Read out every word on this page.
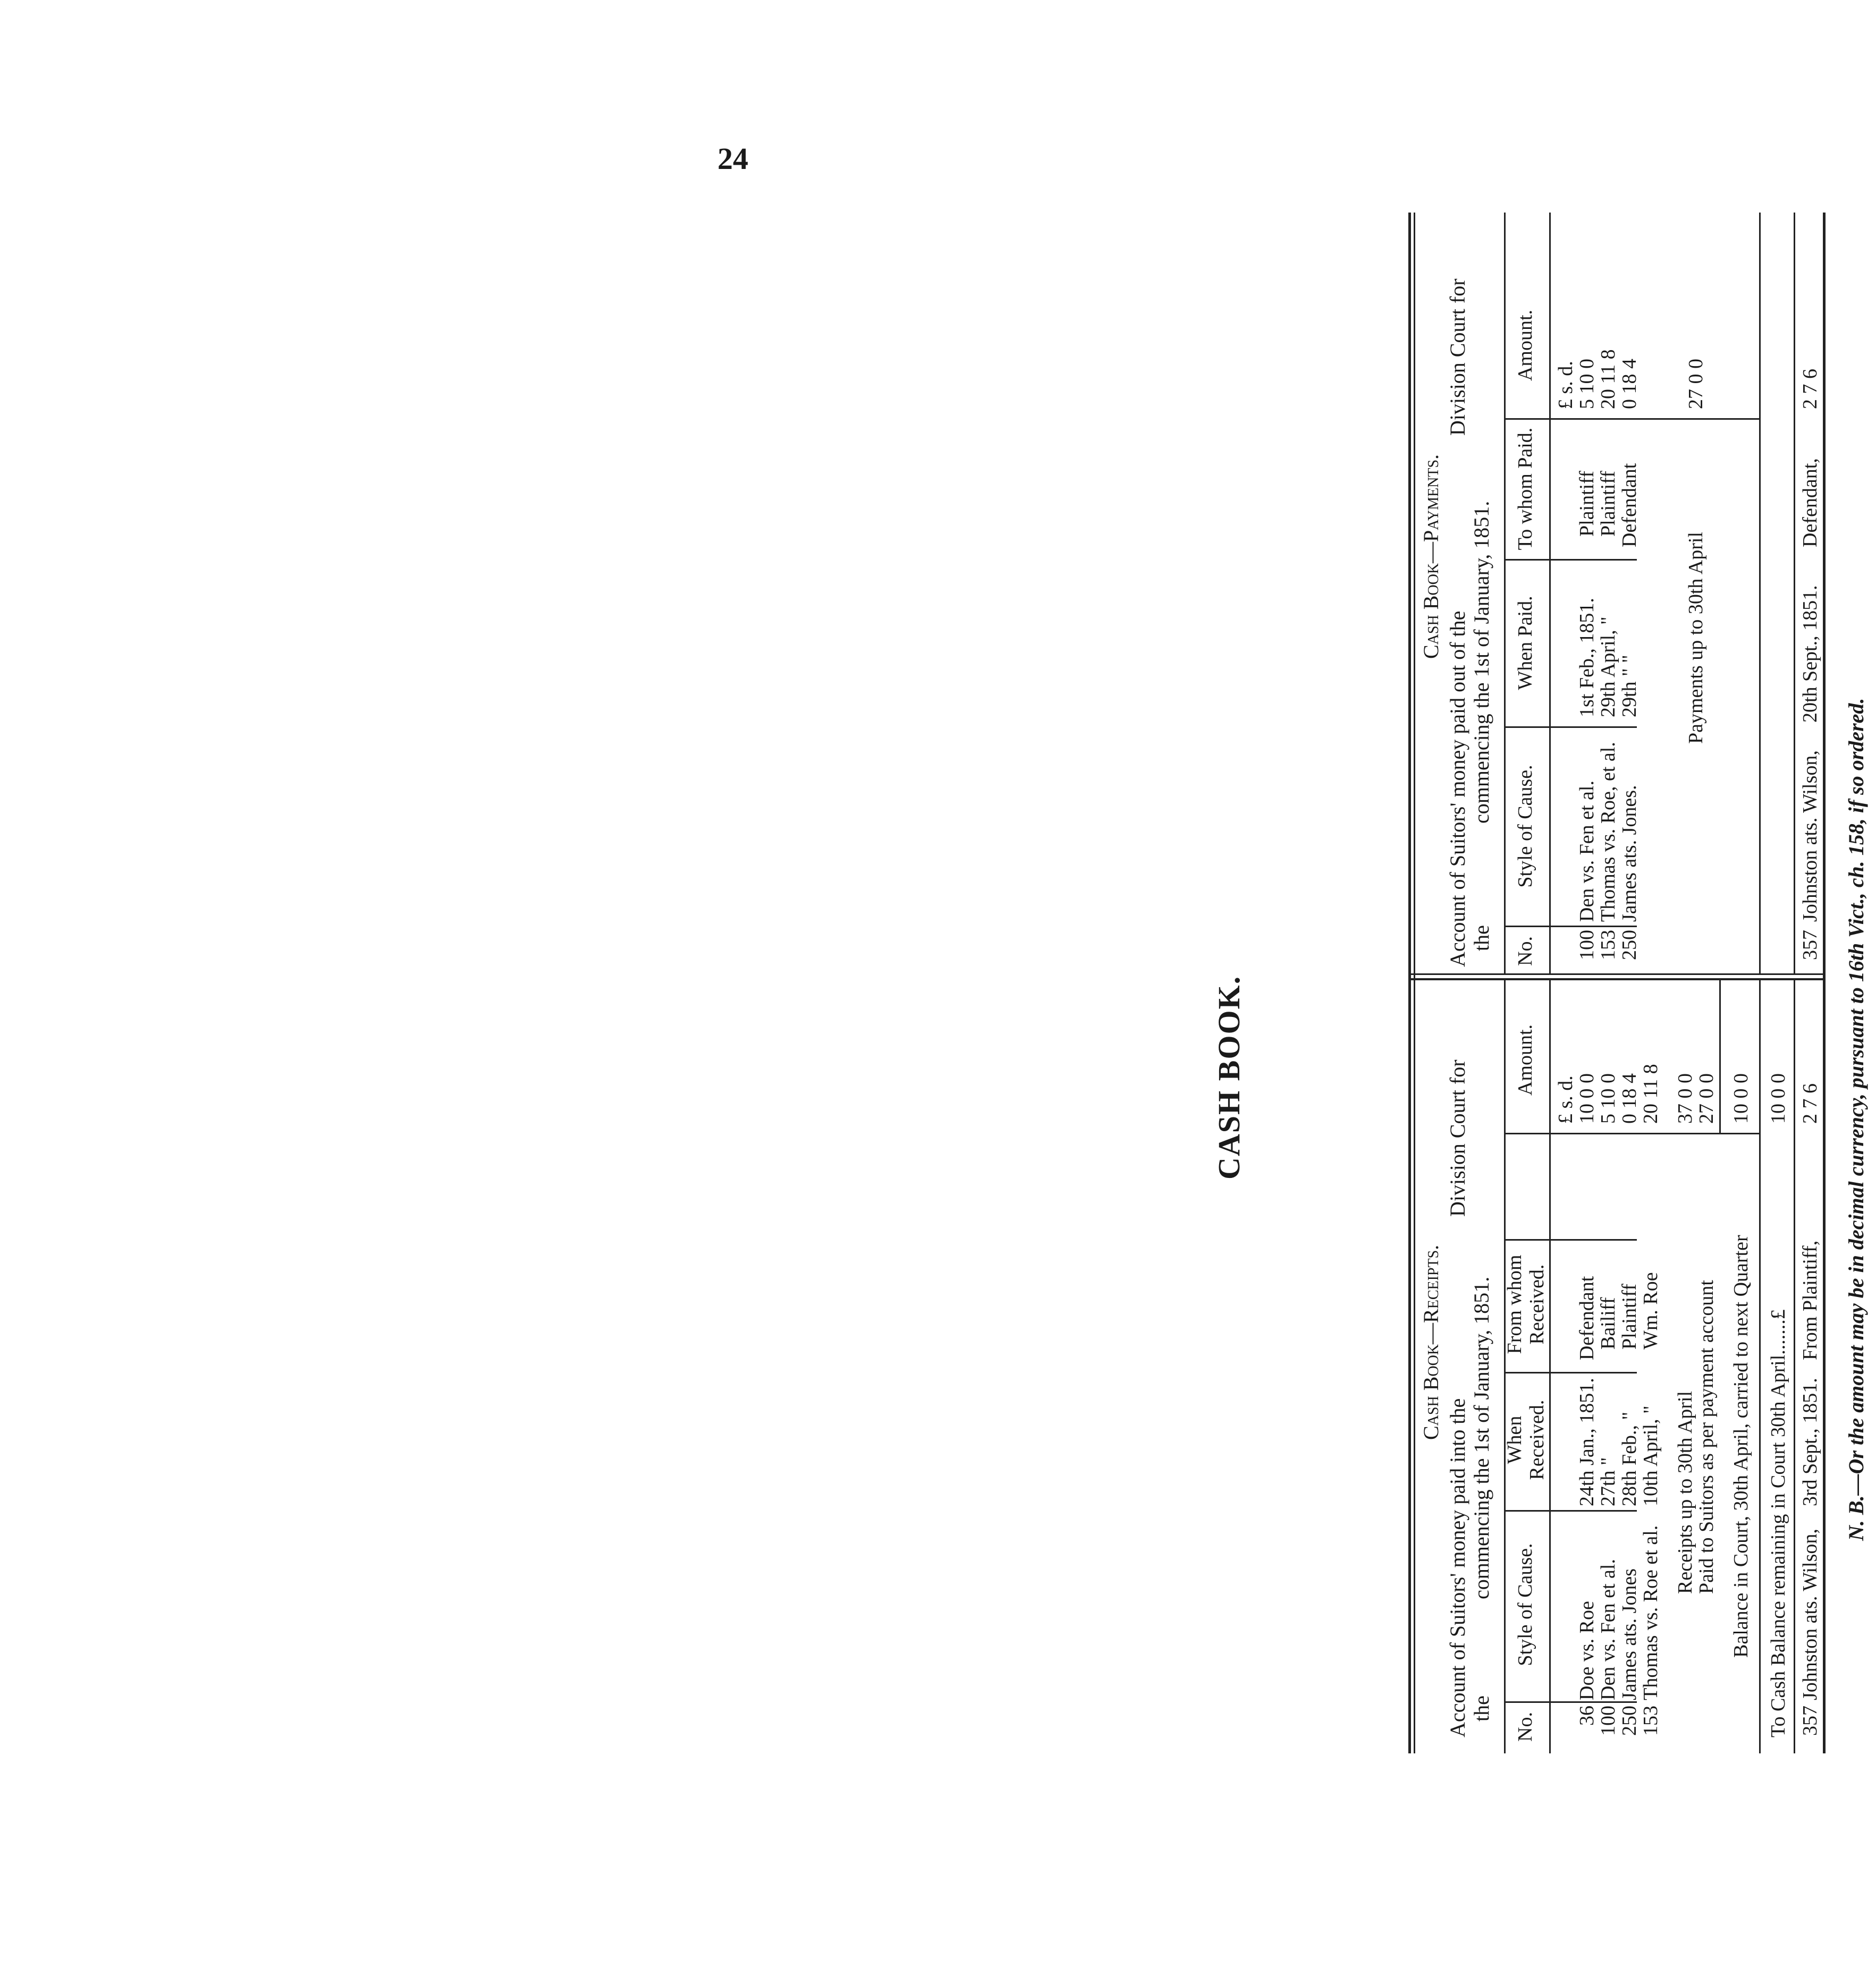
24
CASH BOOK.
Cash Book—Receipts.
Account of Suitors' money paid into the
Division Court for
the
commencing the 1st of January, 1851.
No.
Style of Cause.
When Received.
From whom Received.
Amount.
£ s. d.
36
Doe vs. Roe
24th Jan., 1851.
Defendant
10 0 0
100
Den vs. Fen et al.
27th "
Bailiff
5 10 0
250
James ats. Jones
28th Feb., "
Plaintiff
0 18 4
153
Thomas vs. Roe et al.
10th April, "
Wm. Roe
20 11 8
Receipts up to 30th April
37 0 0
Paid to Suitors as per payment account
27 0 0
Balance in Court, 30th April, carried to next Quarter
10 0 0
To Cash Balance remaining in Court 30th April.......£
10 0 0
357
Johnston ats. Wilson,
3rd Sept., 1851.
From Plaintiff,
2 7 6
Cash Book—Payments.
Account of Suitors' money paid out of the
Division Court for
the
commencing the 1st of January, 1851.
No.
Style of Cause.
When Paid.
To whom Paid.
Amount.
£ s. d.
100
Den vs. Fen et al.
1st Feb., 1851.
Plaintiff
5 10 0
153
Thomas vs. Roe, et al.
29th April, "
Plaintiff
20 11 8
250
James ats. Jones.
29th " "
Defendant
0 18 4
Payments up to 30th April
27 0 0
357
Johnston ats. Wilson,
20th Sept., 1851.
Defendant,
2 7 6
N. B.—Or the amount may be in decimal currency, pursuant to 16th Vict., ch. 158, if so ordered.
